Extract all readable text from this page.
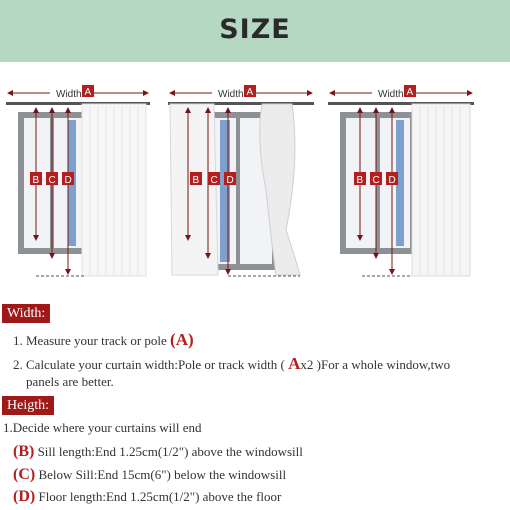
SIZE
Width A
B C D
Width A
B C D
Width A
B C D
Width:
1. Measure your track or pole (A)
2. Calculate your curtain width:Pole or track width ( Ax2 )For a whole window,two
panels are better.
Heigth:
1.Decide where your curtains will end
(B) Sill length:End 1.25cm(1/2") above the windowsill
(C) Below Sill:End 15cm(6") below the windowsill
(D) Floor length:End 1.25cm(1/2") above the floor
